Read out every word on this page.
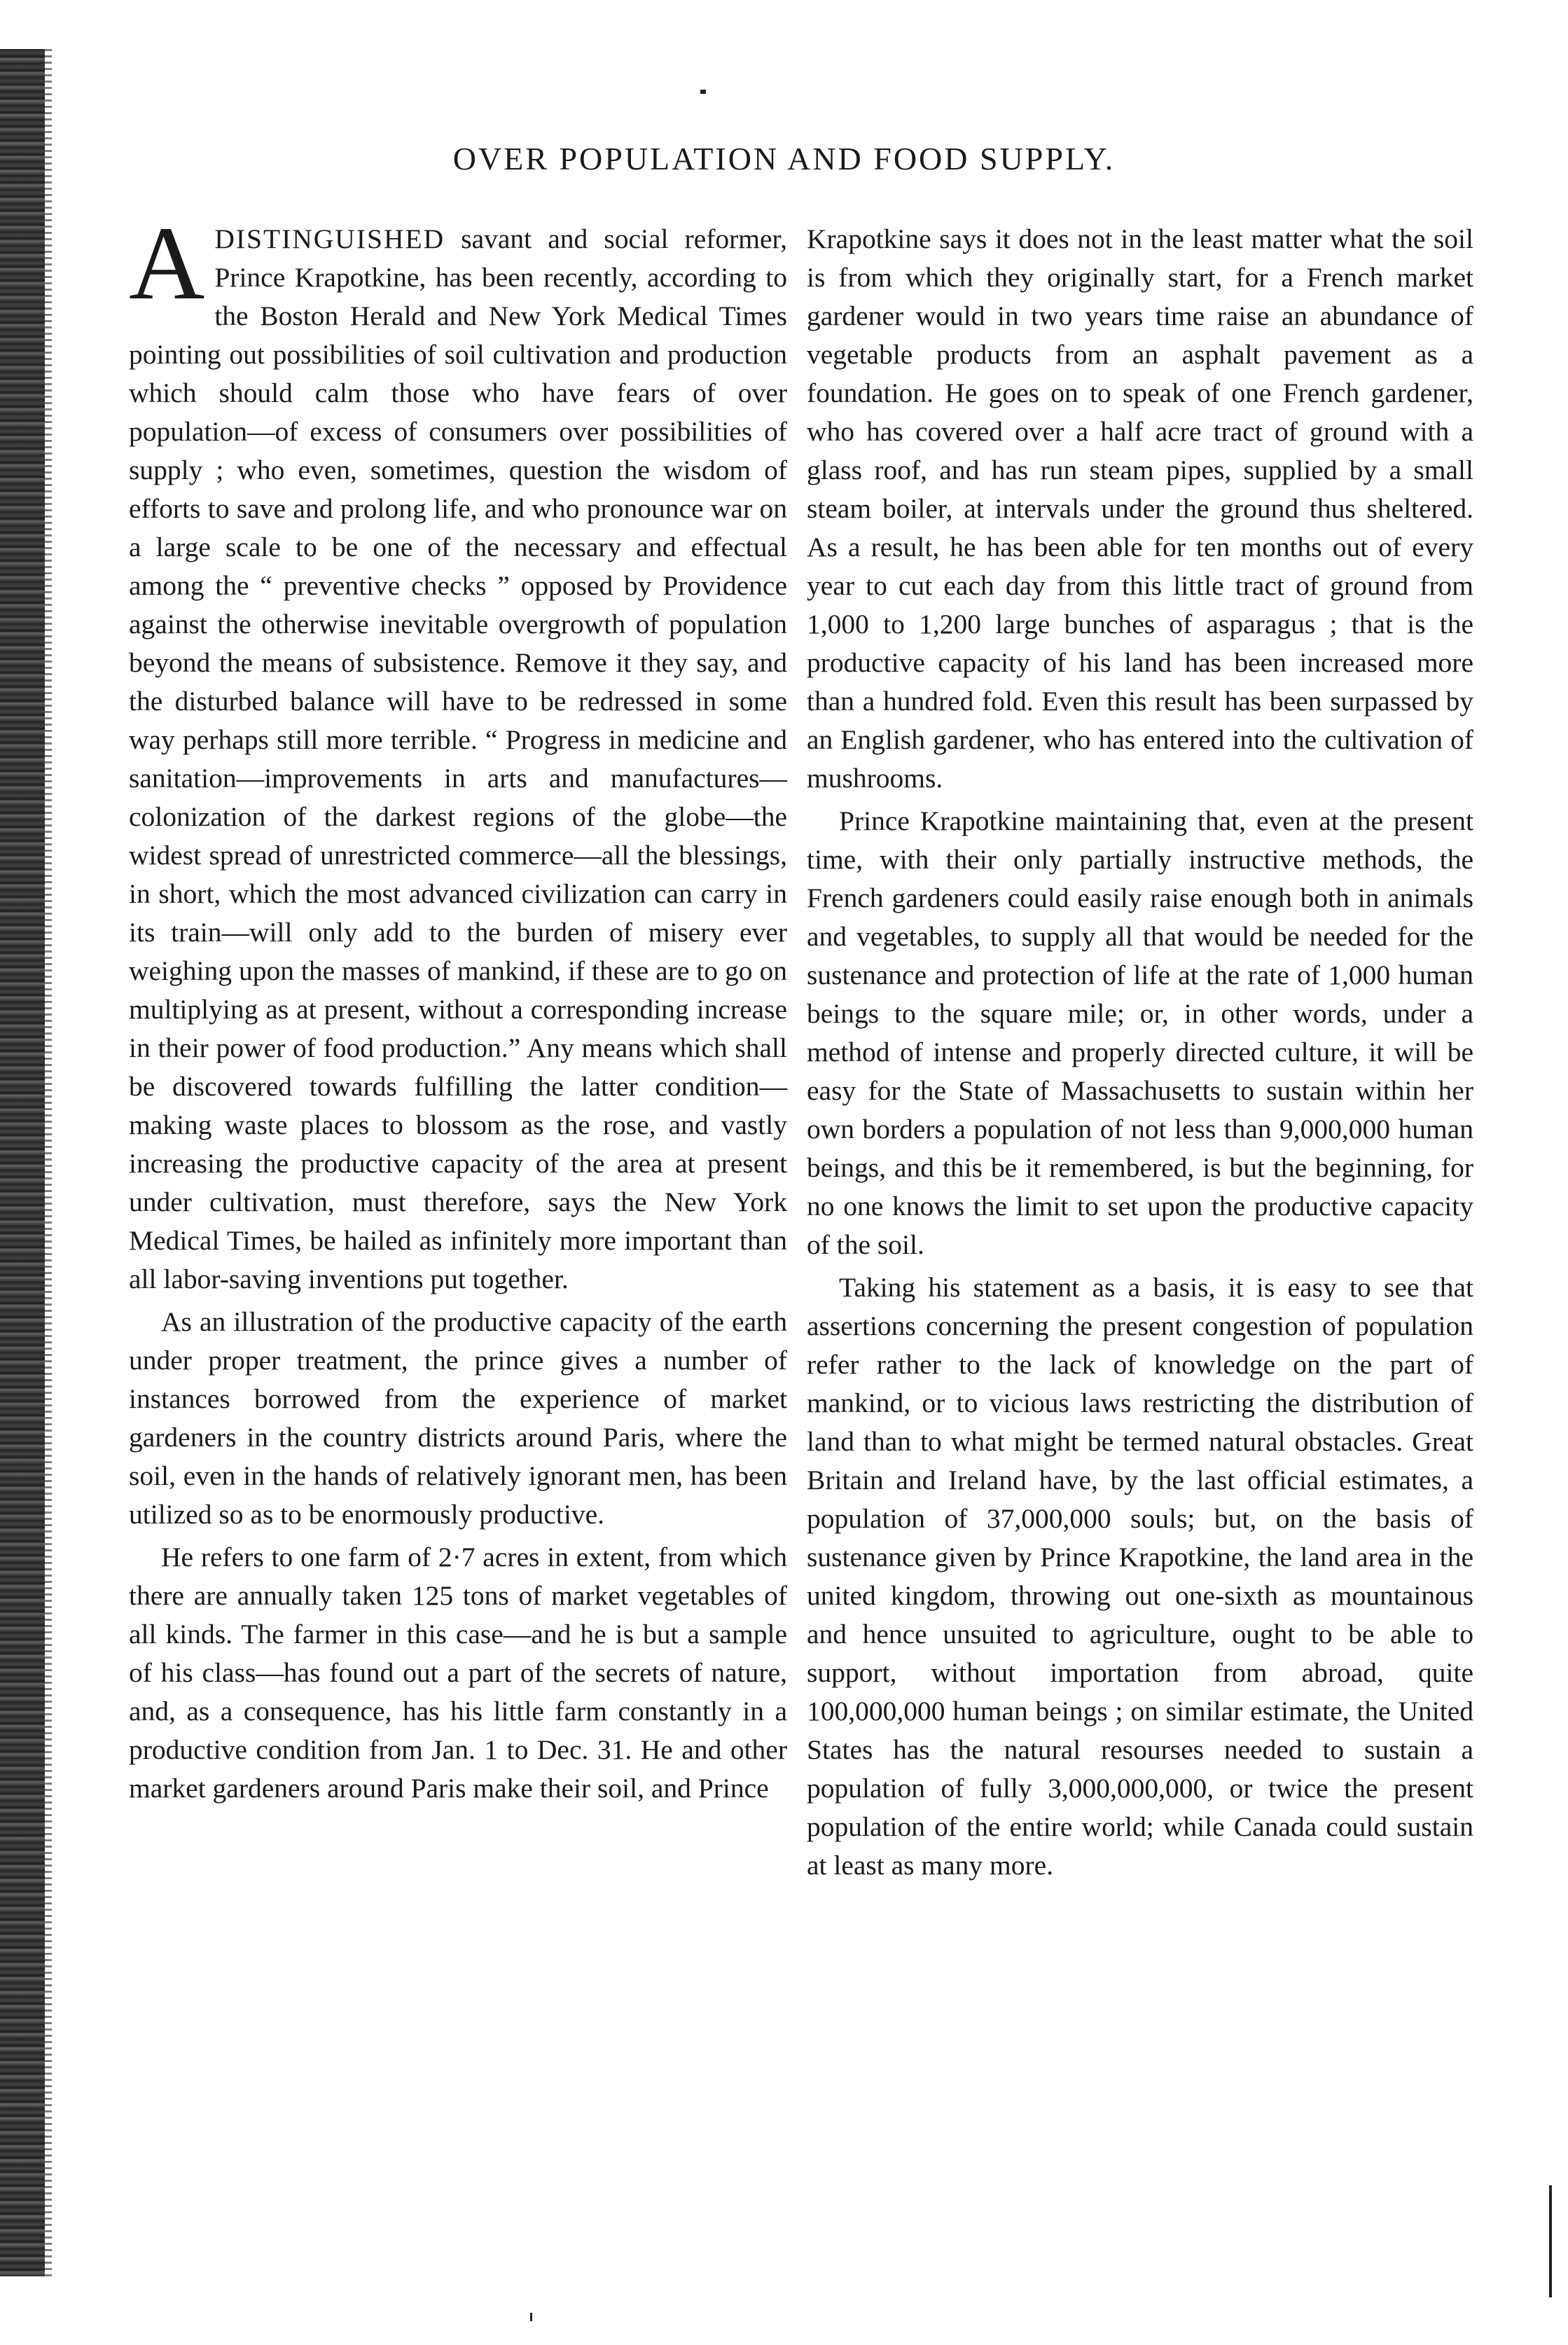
OVER POPULATION AND FOOD SUPPLY.

ADISTINGUISHED savant and social reformer, Prince Krapotkine, has been recently, according to the Boston Herald and New York Medical Times pointing out possibilities of soil cultivation and production which should calm those who have fears of over population—of excess of consumers over possibilities of supply ; who even, sometimes, question the wisdom of efforts to save and prolong life, and who pronounce war on a large scale to be one of the necessary and effectual among the “ preventive checks ” opposed by Providence against the otherwise inevitable overgrowth of population beyond the means of subsistence. Remove it they say, and the disturbed balance will have to be redressed in some way perhaps still more terrible. “ Progress in medicine and sanitation—improvements in arts and manufactures—colonization of the darkest regions of the globe—the widest spread of unrestricted commerce—all the blessings, in short, which the most advanced civilization can carry in its train—will only add to the burden of misery ever weighing upon the masses of mankind, if these are to go on multiplying as at present, without a corresponding increase in their power of food production.” Any means which shall be discovered towards fulfilling the latter condition—making waste places to blossom as the rose, and vastly increasing the productive capacity of the area at present under cultivation, must therefore, says the New York Medical Times, be hailed as infinitely more important than all labor-saving inventions put together.

As an illustration of the productive capacity of the earth under proper treatment, the prince gives a number of instances borrowed from the experience of market gardeners in the country districts around Paris, where the soil, even in the hands of relatively ignorant men, has been utilized so as to be enormously productive.

He refers to one farm of 2·7 acres in extent, from which there are annually taken 125 tons of market vegetables of all kinds. The farmer in this case—and he is but a sample of his class—has found out a part of the secrets of nature, and, as a consequence, has his little farm constantly in a productive condition from Jan. 1 to Dec. 31. He and other market gardeners around Paris make their soil, and Prince

Krapotkine says it does not in the least matter what the soil is from which they originally start, for a French market gardener would in two years time raise an abundance of vegetable products from an asphalt pavement as a foundation. He goes on to speak of one French gardener, who has covered over a half acre tract of ground with a glass roof, and has run steam pipes, supplied by a small steam boiler, at intervals under the ground thus sheltered. As a result, he has been able for ten months out of every year to cut each day from this little tract of ground from 1,000 to 1,200 large bunches of asparagus ; that is the productive capacity of his land has been increased more than a hundred fold. Even this result has been surpassed by an English gardener, who has entered into the cultivation of mushrooms.

Prince Krapotkine maintaining that, even at the present time, with their only partially instructive methods, the French gardeners could easily raise enough both in animals and vegetables, to supply all that would be needed for the sustenance and protection of life at the rate of 1,000 human beings to the square mile; or, in other words, under a method of intense and properly directed culture, it will be easy for the State of Massachusetts to sustain within her own borders a population of not less than 9,000,000 human beings, and this be it remembered, is but the beginning, for no one knows the limit to set upon the productive capacity of the soil.

Taking his statement as a basis, it is easy to see that assertions concerning the present congestion of population refer rather to the lack of knowledge on the part of mankind, or to vicious laws restricting the distribution of land than to what might be termed natural obstacles. Great Britain and Ireland have, by the last official estimates, a population of 37,000,000 souls; but, on the basis of sustenance given by Prince Krapotkine, the land area in the united kingdom, throwing out one-sixth as mountainous and hence unsuited to agriculture, ought to be able to support, without importation from abroad, quite 100,000,000 human beings ; on similar estimate, the United States has the natural resourses needed to sustain a population of fully 3,000,000,000, or twice the present population of the entire world; while Canada could sustain at least as many more.
